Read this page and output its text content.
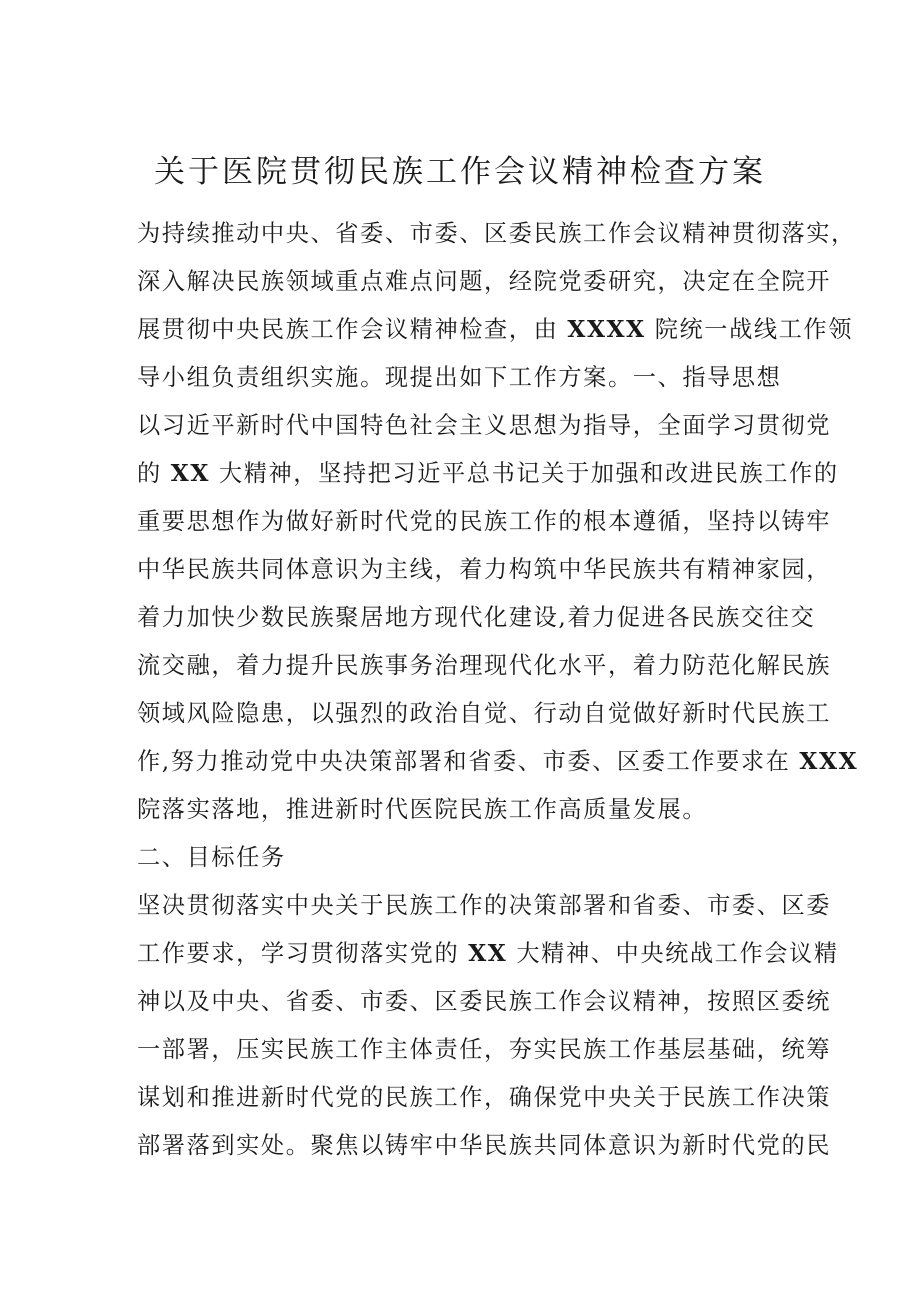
关于医院贯彻民族工作会议精神检查方案
为持续推动中央、省委、市委、区委民族工作会议精神贯彻落实，
深入解决民族领域重点难点问题，经院党委研究，决定在全院开
展贯彻中央民族工作会议精神检查，由 XXXX 院统一战线工作领
导小组负责组织实施。现提出如下工作方案。一、指导思想
以习近平新时代中国特色社会主义思想为指导，全面学习贯彻党
的 XX 大精神，坚持把习近平总书记关于加强和改进民族工作的
重要思想作为做好新时代党的民族工作的根本遵循，坚持以铸牢
中华民族共同体意识为主线，着力构筑中华民族共有精神家园，
着力加快少数民族聚居地方现代化建设,着力促进各民族交往交
流交融，着力提升民族事务治理现代化水平，着力防范化解民族
领域风险隐患，以强烈的政治自觉、行动自觉做好新时代民族工
作,努力推动党中央决策部署和省委、市委、区委工作要求在 XXX
院落实落地，推进新时代医院民族工作高质量发展。
二、目标任务
坚决贯彻落实中央关于民族工作的决策部署和省委、市委、区委
工作要求，学习贯彻落实党的 XX 大精神、中央统战工作会议精
神以及中央、省委、市委、区委民族工作会议精神，按照区委统
一部署，压实民族工作主体责任，夯实民族工作基层基础，统筹
谋划和推进新时代党的民族工作，确保党中央关于民族工作决策
部署落到实处。聚焦以铸牢中华民族共同体意识为新时代党的民
